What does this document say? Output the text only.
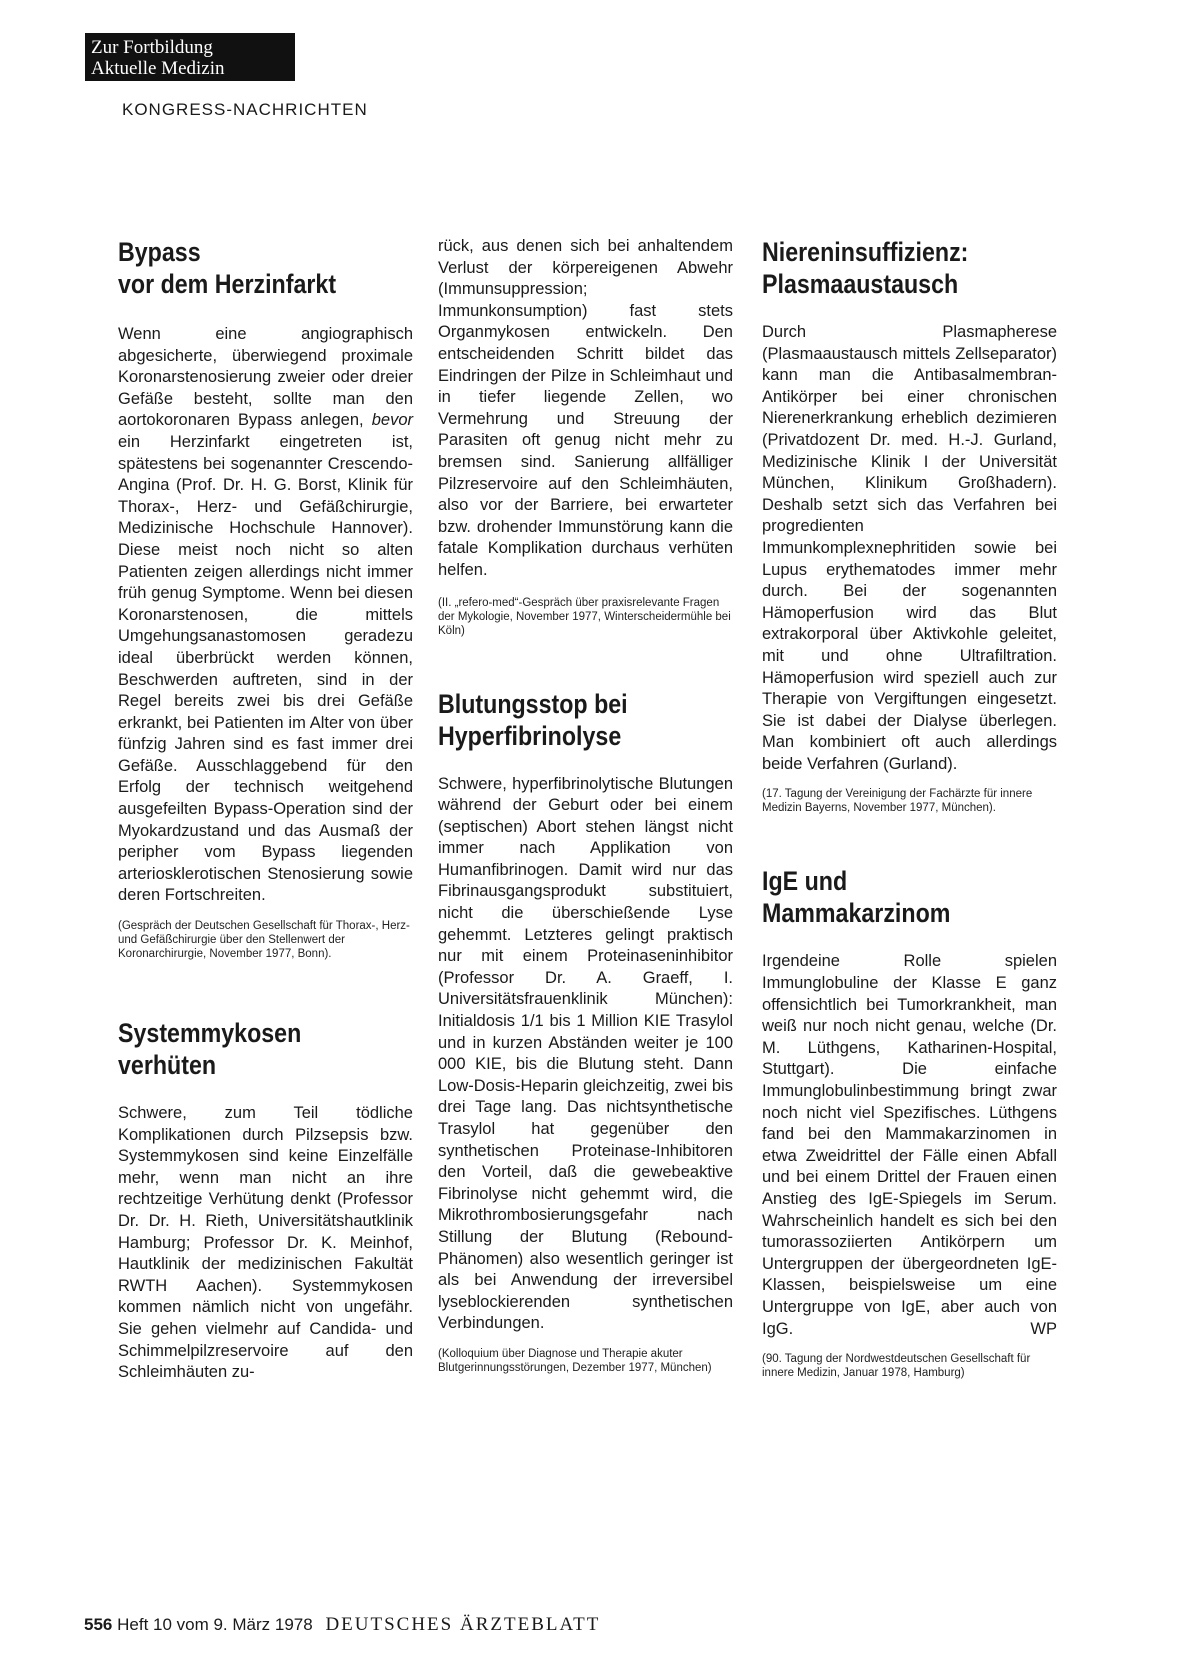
Zur Fortbildung
Aktuelle Medizin
KONGRESS-NACHRICHTEN
Bypass
vor dem Herzinfarkt

Wenn eine angiographisch abgesicherte, überwiegend proximale Koronarstenosierung zweier oder dreier Gefäße besteht, sollte man den aortokoronaren Bypass anlegen, bevor ein Herzinfarkt eingetreten ist, spätestens bei sogenannter Crescendo-Angina (Prof. Dr. H. G. Borst, Klinik für Thorax-, Herz- und Gefäßchirurgie, Medizinische Hochschule Hannover). Diese meist noch nicht so alten Patienten zeigen allerdings nicht immer früh genug Symptome. Wenn bei diesen Koronarstenosen, die mittels Umgehungsanastomosen geradezu ideal überbrückt werden können, Beschwerden auftreten, sind in der Regel bereits zwei bis drei Gefäße erkrankt, bei Patienten im Alter von über fünfzig Jahren sind es fast immer drei Gefäße. Ausschlaggebend für den Erfolg der technisch weitgehend ausgefeilten Bypass-Operation sind der Myokardzustand und das Ausmaß der peripher vom Bypass liegenden arteriosklerotischen Stenosierung sowie deren Fortschreiten.

(Gespräch der Deutschen Gesellschaft für Thorax-, Herz- und Gefäßchirurgie über den Stellenwert der Koronarchirurgie, November 1977, Bonn).

Systemmykosen
verhüten

Schwere, zum Teil tödliche Komplikationen durch Pilzsepsis bzw. Systemmykosen sind keine Einzelfälle mehr, wenn man nicht an ihre rechtzeitige Verhütung denkt (Professor Dr. Dr. H. Rieth, Universitätshautklinik Hamburg; Professor Dr. K. Meinhof, Hautklinik der medizinischen Fakultät RWTH Aachen). Systemmykosen kommen nämlich nicht von ungefähr. Sie gehen vielmehr auf Candida- und Schimmelpilzreservoire auf den Schleimhäuten zu-

rück, aus denen sich bei anhaltendem Verlust der körpereigenen Abwehr (Immunsuppression; Immunkonsumption) fast stets Organmykosen entwickeln. Den entscheidenden Schritt bildet das Eindringen der Pilze in Schleimhaut und in tiefer liegende Zellen, wo Vermehrung und Streuung der Parasiten oft genug nicht mehr zu bremsen sind. Sanierung allfälliger Pilzreservoire auf den Schleimhäuten, also vor der Barriere, bei erwarteter bzw. drohender Immunstörung kann die fatale Komplikation durchaus verhüten helfen.

(II. „refero-med“-Gespräch über praxisrelevante Fragen der Mykologie, November 1977, Winterscheidermühle bei Köln)

Blutungsstop bei
Hyperfibrinolyse

Schwere, hyperfibrinolytische Blutungen während der Geburt oder bei einem (septischen) Abort stehen längst nicht immer nach Applikation von Humanfibrinogen. Damit wird nur das Fibrinausgangsprodukt substituiert, nicht die überschießende Lyse gehemmt. Letzteres gelingt praktisch nur mit einem Proteinaseninhibitor (Professor Dr. A. Graeff, I. Universitätsfrauenklinik München): Initialdosis 1/1 bis 1 Million KIE Trasylol und in kurzen Abständen weiter je 100 000 KIE, bis die Blutung steht. Dann Low-Dosis-Heparin gleichzeitig, zwei bis drei Tage lang. Das nichtsynthetische Trasylol hat gegenüber den synthetischen Proteinase-Inhibitoren den Vorteil, daß die gewebeaktive Fibrinolyse nicht gehemmt wird, die Mikrothrombosierungsgefahr nach Stillung der Blutung (Rebound-Phänomen) also wesentlich geringer ist als bei Anwendung der irreversibel lyseblockierenden synthetischen Verbindungen.

(Kolloquium über Diagnose und Therapie akuter Blutgerinnungsstörungen, Dezember 1977, München)

Niereninsuffizienz:
Plasmaaustausch

Durch Plasmapherese (Plasmaaustausch mittels Zellseparator) kann man die Antibasalmembran-Antikörper bei einer chronischen Nierenerkrankung erheblich dezimieren (Privatdozent Dr. med. H.-J. Gurland, Medizinische Klinik I der Universität München, Klinikum Großhadern). Deshalb setzt sich das Verfahren bei progredienten Immunkomplexnephritiden sowie bei Lupus erythematodes immer mehr durch. Bei der sogenannten Hämoperfusion wird das Blut extrakorporal über Aktivkohle geleitet, mit und ohne Ultrafiltration. Hämoperfusion wird speziell auch zur Therapie von Vergiftungen eingesetzt. Sie ist dabei der Dialyse überlegen. Man kombiniert oft auch allerdings beide Verfahren (Gurland).

(17. Tagung der Vereinigung der Fachärzte für innere Medizin Bayerns, November 1977, München).

IgE und
Mammakarzinom

Irgendeine Rolle spielen Immunglobuline der Klasse E ganz offensichtlich bei Tumorkrankheit, man weiß nur noch nicht genau, welche (Dr. M. Lüthgens, Katharinen-Hospital, Stuttgart). Die einfache Immunglobulinbestimmung bringt zwar noch nicht viel Spezifisches. Lüthgens fand bei den Mammakarzinomen in etwa Zweidrittel der Fälle einen Abfall und bei einem Drittel der Frauen einen Anstieg des IgE-Spiegels im Serum. Wahrscheinlich handelt es sich bei den tumorassoziierten Antikörpern um Untergruppen der übergeordneten IgE-Klassen, beispielsweise um eine Untergruppe von IgE, aber auch von IgG.	WP

(90. Tagung der Nordwestdeutschen Gesellschaft für innere Medizin, Januar 1978, Hamburg)

556 Heft 10 vom 9. März 1978 DEUTSCHES ÄRZTEBLATT
